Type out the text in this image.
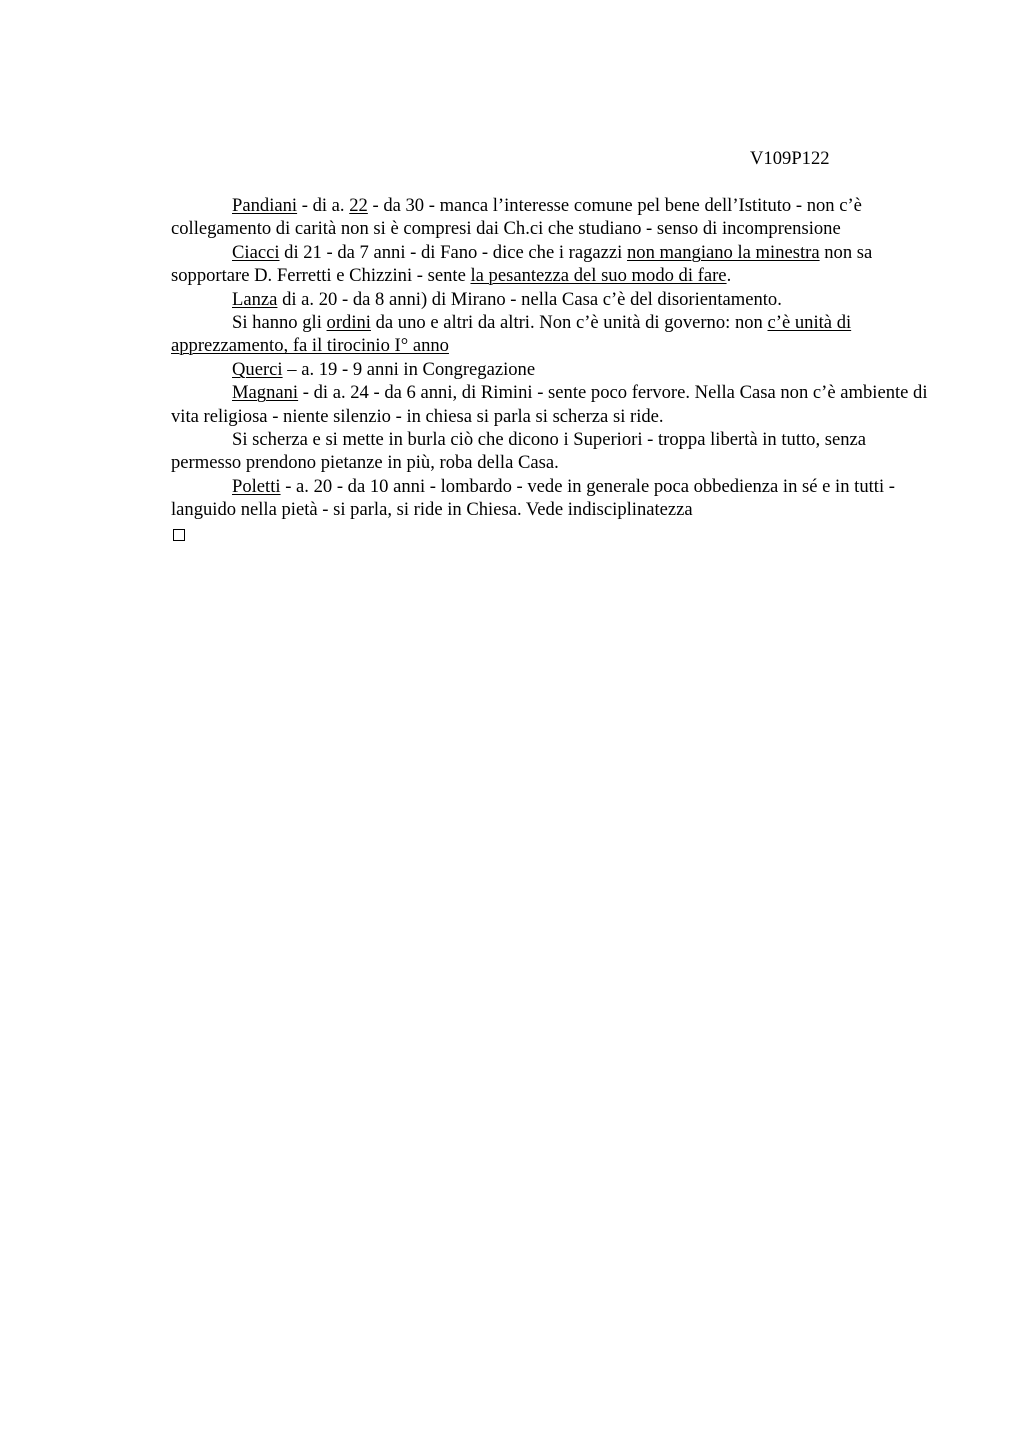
V109P122

Pandiani - di a. 22 - da 30 - manca l’interesse comune pel bene dell’Istituto - non c’è collegamento di carità non si è compresi dai Ch.ci che studiano - senso di incomprensione

Ciacci di 21 - da 7 anni - di Fano - dice che i ragazzi non mangiano la minestra non sa sopportare D. Ferretti e Chizzini - sente la pesantezza del suo modo di fare.

Lanza di a. 20 - da 8 anni) di Mirano - nella Casa c’è del disorientamento.

Si hanno gli ordini da uno e altri da altri. Non c’è unità di governo: non c’è unità di apprezzamento, fa il tirocinio I° anno

Querci – a. 19 - 9 anni in Congregazione

Magnani - di a. 24 - da 6 anni, di Rimini - sente poco fervore. Nella Casa non c’è ambiente di vita religiosa - niente silenzio - in chiesa si parla si scherza si ride.

Si scherza e si mette in burla ciò che dicono i Superiori - troppa libertà in tutto, senza permesso prendono pietanze in più, roba della Casa.

Poletti - a. 20 - da 10 anni - lombardo - vede in generale poca obbedienza in sé e in tutti - languido nella pietà - si parla, si ride in Chiesa. Vede indisciplinatezza
